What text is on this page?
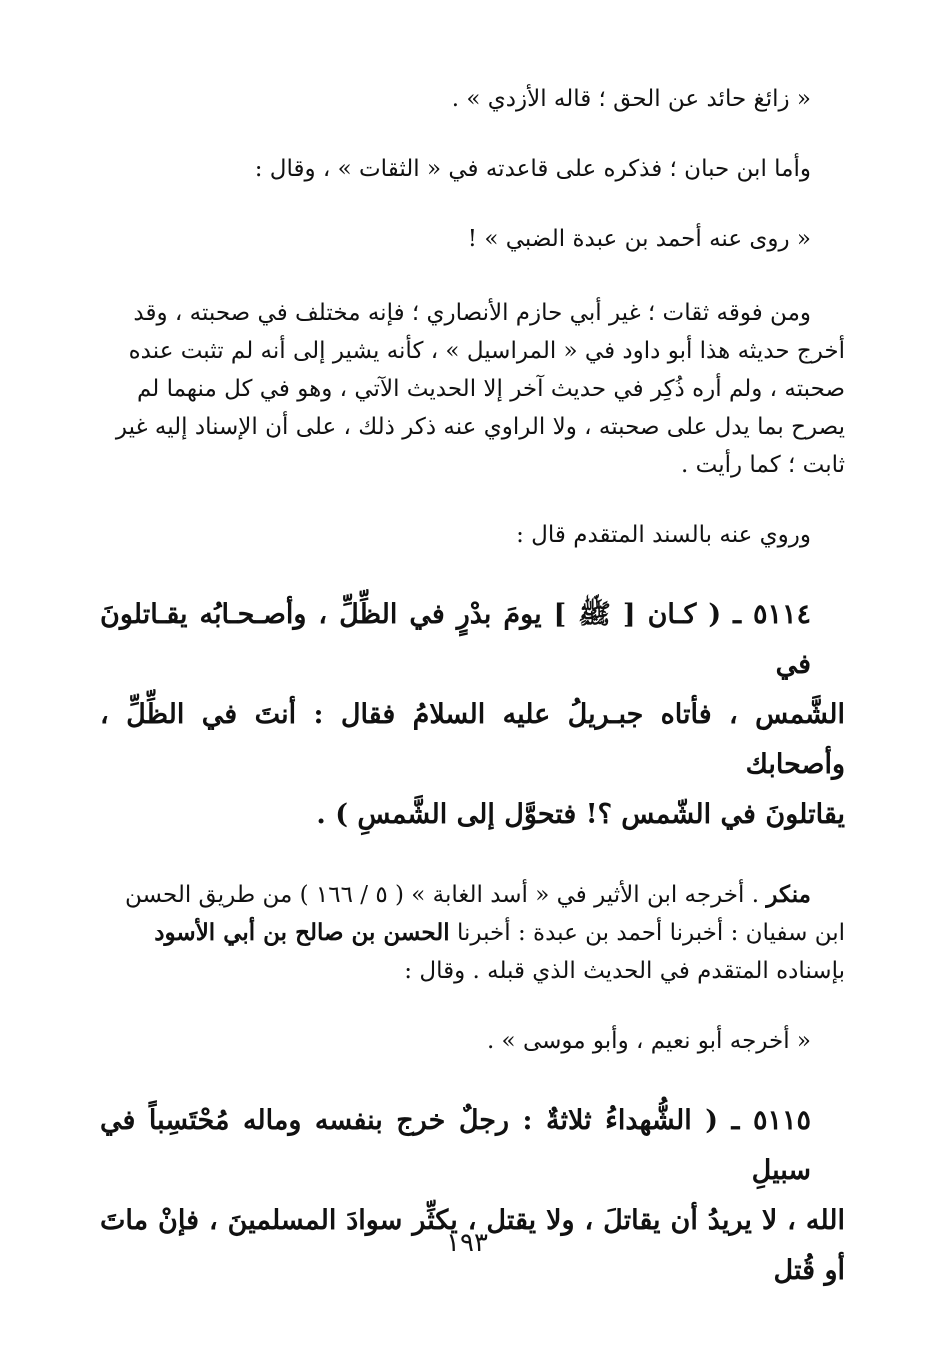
« زائغ حائد عن الحق ؛ قاله الأزدي » .

وأما ابن حبان ؛ فذكره على قاعدته في « الثقات » ، وقال :

« روى عنه أحمد بن عبدة الضبي » !

ومن فوقه ثقات ؛ غير أبي حازم الأنصاري ؛ فإنه مختلف في صحبته ، وقد
أخرج حديثه هذا أبو داود في « المراسيل » ، كأنه يشير إلى أنه لم تثبت عنده
صحبته ، ولم أره ذُكِر في حديث آخر إلا الحديث الآتي ، وهو في كل منهما لم
يصرح بما يدل على صحبته ، ولا الراوي عنه ذكر ذلك ، على أن الإسناد إليه غير
ثابت ؛ كما رأيت .

وروي عنه بالسند المتقدم قال :

٥١١٤ ـ ( كـان [ ﷺ ] يومَ بدْرٍ في الظِّلِّ ، وأصـحـابُه يقـاتلونَ في
الشَّمس ، فأتاه جبـريلُ عليه السلامُ فقال : أنتَ في الظِّلِّ ، وأصحابك
يقاتلونَ في الشّمس ؟! فتحوَّل إلى الشَّمسِ ) .
منكر . أخرجه ابن الأثير في « أسد الغابة » ( ٥ / ١٦٦ ) من طريق الحسن
ابن سفيان : أخبرنا أحمد بن عبدة : أخبرنا الحسن بن صالح بن أبي الأسود
بإسناده المتقدم في الحديث الذي قبله . وقال :

« أخرجه أبو نعيم ، وأبو موسى » .

٥١١٥ ـ ( الشُّهداءُ ثلاثةٌ : رجلٌ خرج بنفسه وماله مُحْتَسِباً في سبيلِ
الله ، لا يريدُ أن يقاتلَ ، ولا يقتل ، يكثِّر سوادَ المسلمينَ ، فإنْ ماتَ أو قُتل
١٩٣
